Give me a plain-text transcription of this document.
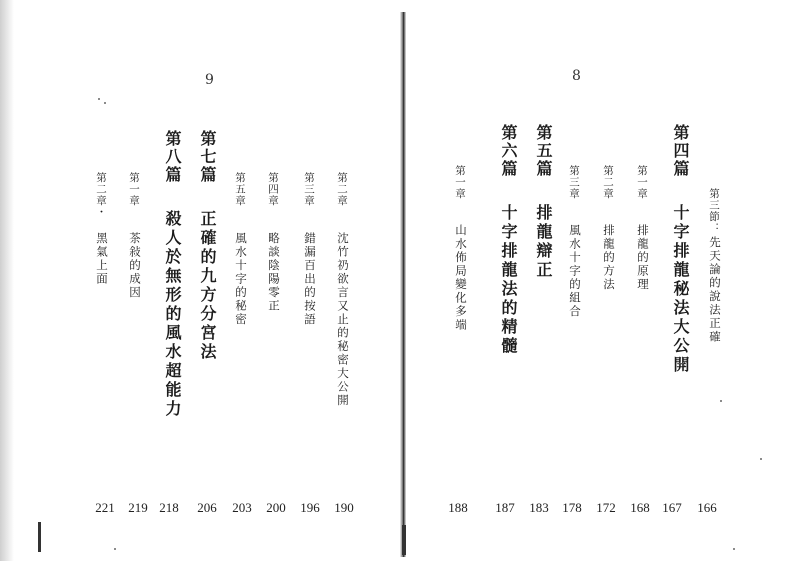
9
第二章
沈竹礽欲言又止的秘密大公開
第三章
錯漏百出的按語
第四章
略談陰陽零正
第五章
風水十字的秘密
第七篇
正確的九方分宮法
第八篇
殺人於無形的風水超能力
第一章
茶敍的成因
第二章・
黑氣上面
190
196
200
203
206
218
219
221
8
第三節：
先天論的說法正確
第四篇
十字排龍秘法大公開
第一章
排龍的原理
第二章
排龍的方法
第三章
風水十字的組合
第五篇
排龍辯正
第六篇
十字排龍法的精髓
第一章
山水佈局變化多端
166
167
168
172
178
183
187
188
